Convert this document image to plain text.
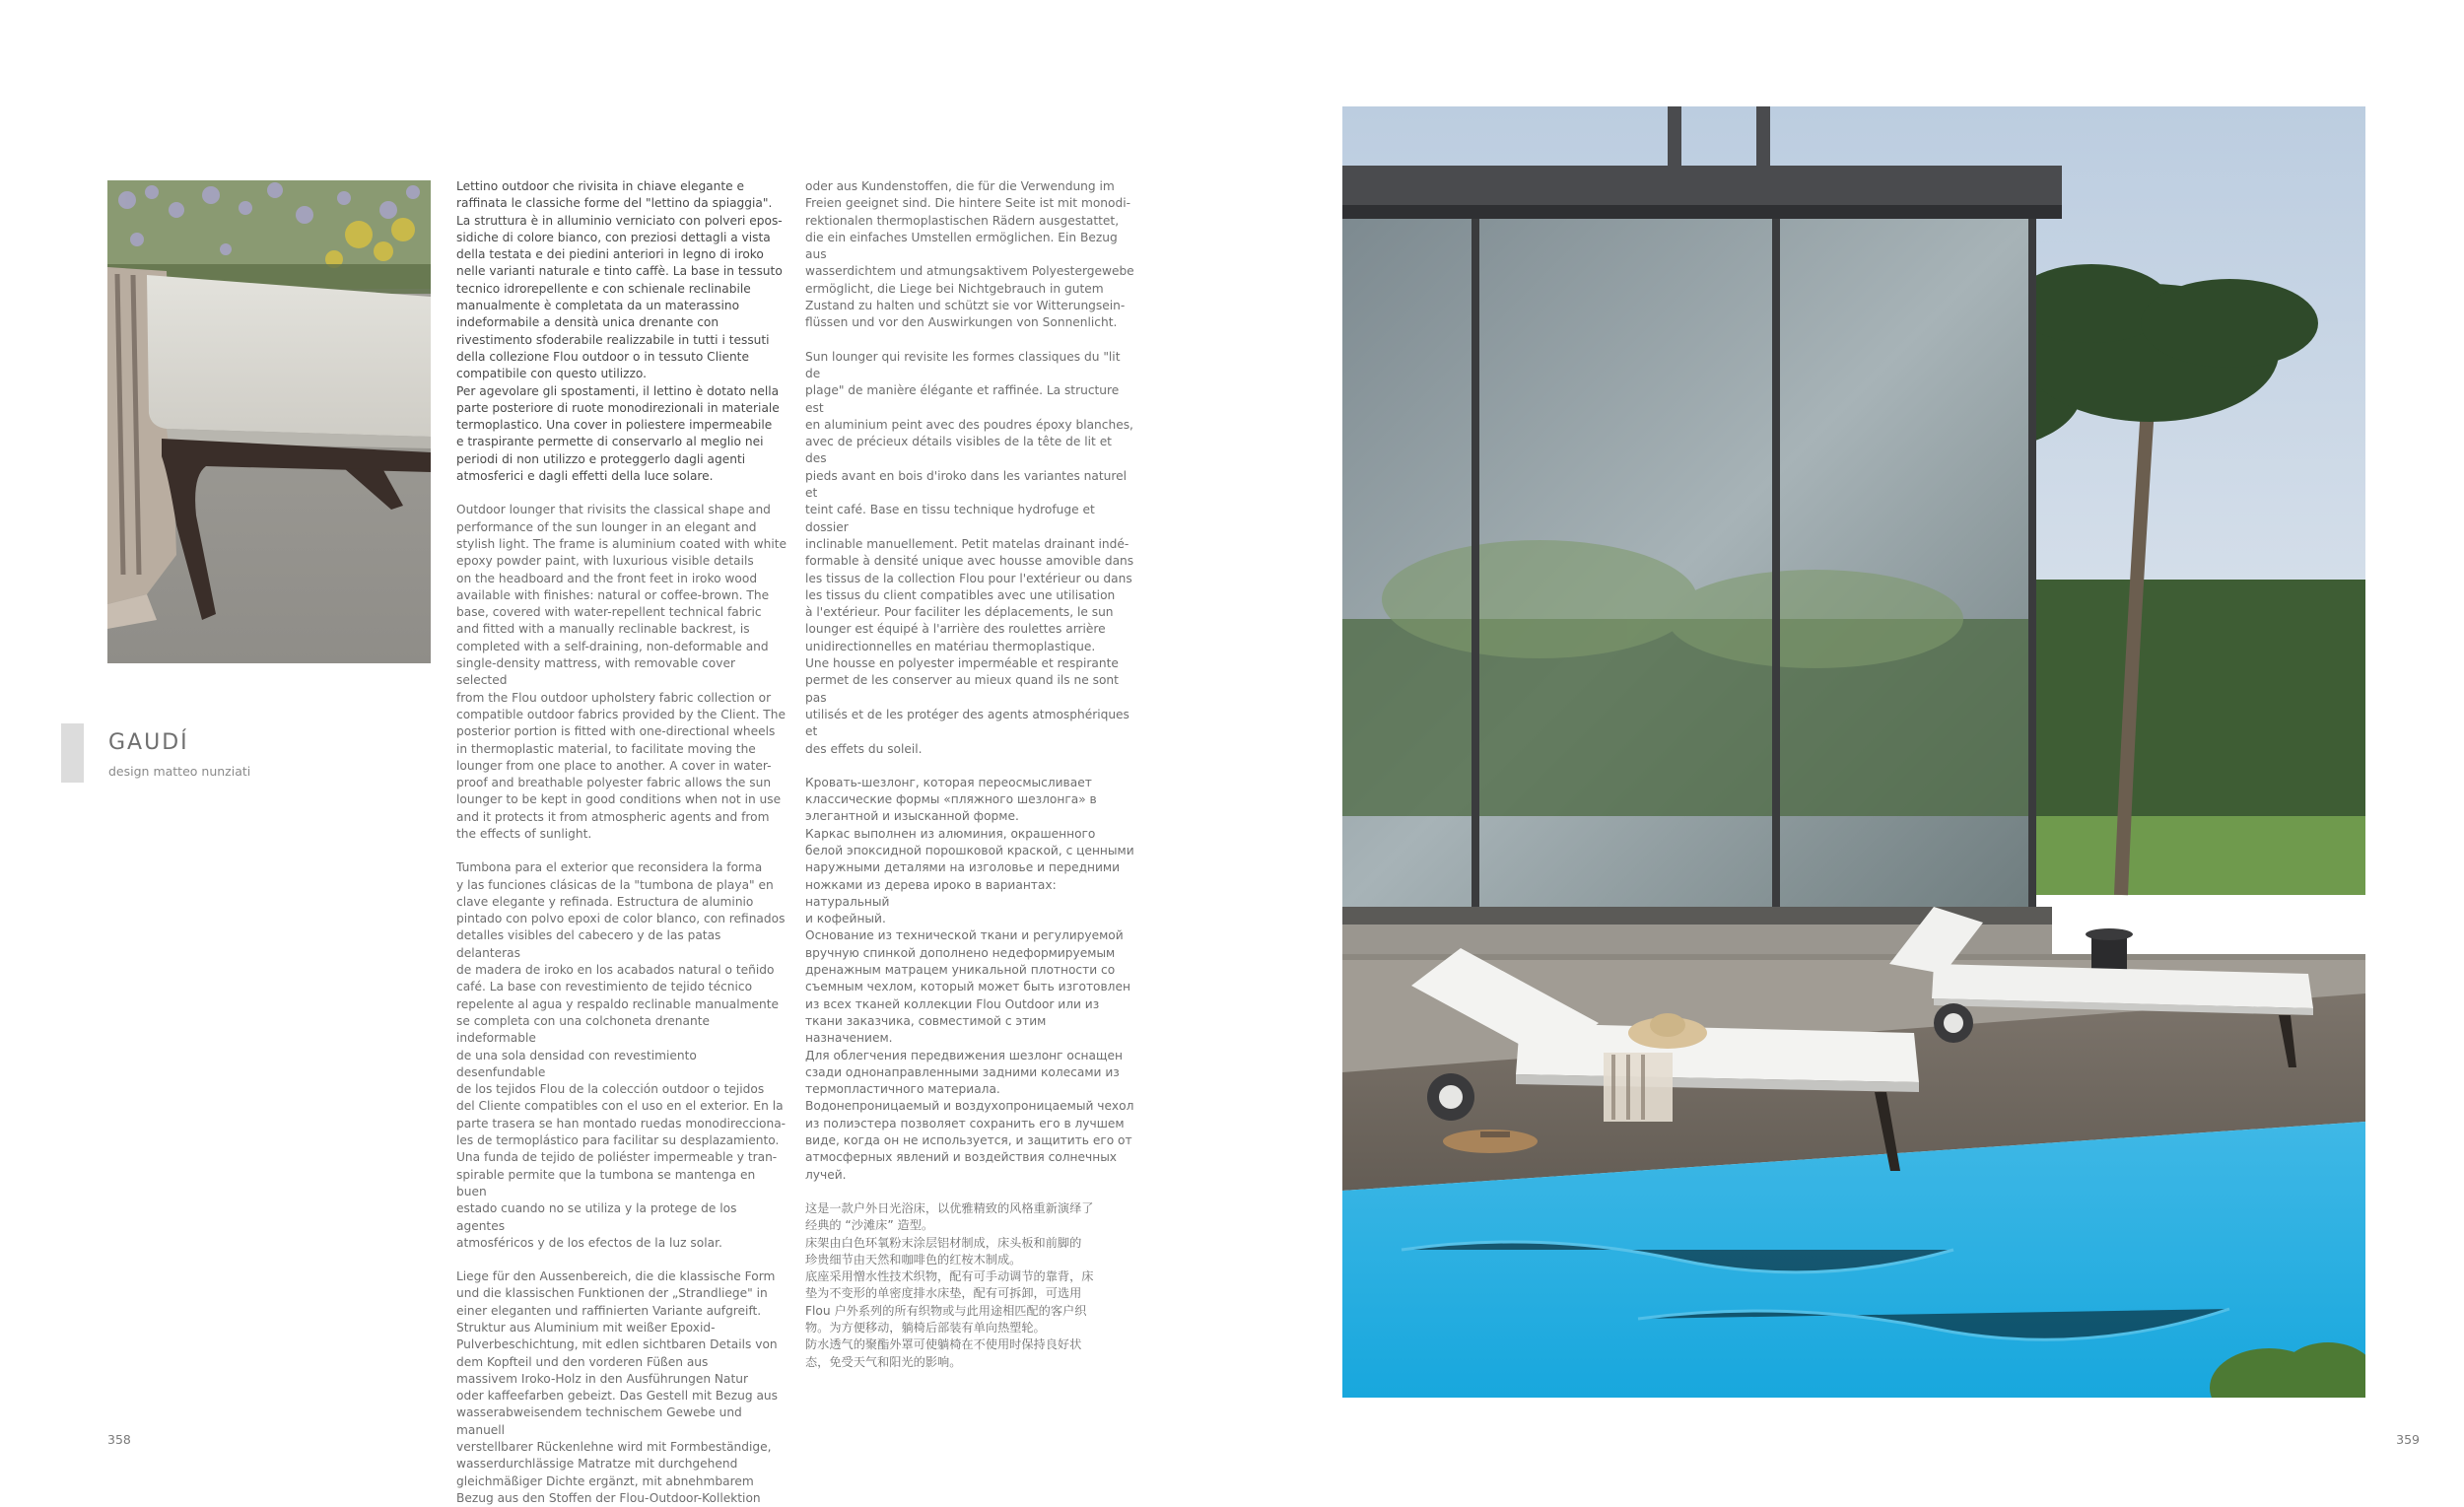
GAUDÍ
design matteo nunziati

Lettino outdoor che rivisita in chiave elegante e
raffinata le classiche forme del "lettino da spiaggia".
La struttura è in alluminio verniciato con polveri epos-
sidiche di colore bianco, con preziosi dettagli a vista
della testata e dei piedini anteriori in legno di iroko
nelle varianti naturale e tinto caffè. La base in tessuto
tecnico idrorepellente e con schienale reclinabile
manualmente è completata da un materassino
indeformabile a densità unica drenante con
rivestimento sfoderabile realizzabile in tutti i tessuti
della collezione Flou outdoor o in tessuto Cliente
compatibile con questo utilizzo.
Per agevolare gli spostamenti, il lettino è dotato nella
parte posteriore di ruote monodirezionali in materiale
termoplastico. Una cover in poliestere impermeabile
e traspirante permette di conservarlo al meglio nei
periodi di non utilizzo e proteggerlo dagli agenti
atmosferici e dagli effetti della luce solare.

Outdoor lounger that rivisits the classical shape and
performance of the sun lounger in an elegant and
stylish light. The frame is aluminium coated with white
epoxy powder paint, with luxurious visible details
on the headboard and the front feet in iroko wood
available with finishes: natural or coffee-brown. The
base, covered with water-repellent technical fabric
and fitted with a manually reclinable backrest, is
completed with a self-draining, non-deformable and
single-density mattress, with removable cover selected
from the Flou outdoor upholstery fabric collection or
compatible outdoor fabrics provided by the Client. The
posterior portion is fitted with one-directional wheels
in thermoplastic material, to facilitate moving the
lounger from one place to another. A cover in water-
proof and breathable polyester fabric allows the sun
lounger to be kept in good conditions when not in use
and it protects it from atmospheric agents and from
the effects of sunlight.

Tumbona para el exterior que reconsidera la forma
y las funciones clásicas de la "tumbona de playa" en
clave elegante y refinada. Estructura de aluminio
pintado con polvo epoxi de color blanco, con refinados
detalles visibles del cabecero y de las patas delanteras
de madera de iroko en los acabados natural o teñido
café. La base con revestimiento de tejido técnico
repelente al agua y respaldo reclinable manualmente
se completa con una colchoneta drenante indeformable
de una sola densidad con revestimiento desenfundable
de los tejidos Flou de la colección outdoor o tejidos
del Cliente compatibles con el uso en el exterior. En la
parte trasera se han montado ruedas monodirecciona-
les de termoplástico para facilitar su desplazamiento.
Una funda de tejido de poliéster impermeable y tran-
spirable permite que la tumbona se mantenga en buen
estado cuando no se utiliza y la protege de los agentes
atmosféricos y de los efectos de la luz solar.

Liege für den Aussenbereich, die die klassische Form
und die klassischen Funktionen der „Strandliege" in
einer eleganten und raffinierten Variante aufgreift.
Struktur aus Aluminium mit weißer Epoxid-
Pulverbeschichtung, mit edlen sichtbaren Details von
dem Kopfteil und den vorderen Füßen aus
massivem Iroko-Holz in den Ausführungen Natur
oder kaffeefarben gebeizt. Das Gestell mit Bezug aus
wasserabweisendem technischem Gewebe und manuell
verstellbarer Rückenlehne wird mit Formbeständige,
wasserdurchlässige Matratze mit durchgehend
gleichmäßiger Dichte ergänzt, mit abnehmbarem
Bezug aus den Stoffen der Flou-Outdoor-Kollektion

oder aus Kundenstoffen, die für die Verwendung im
Freien geeignet sind. Die hintere Seite ist mit monodi-
rektionalen thermoplastischen Rädern ausgestattet,
die ein einfaches Umstellen ermöglichen. Ein Bezug aus
wasserdichtem und atmungsaktivem Polyestergewebe
ermöglicht, die Liege bei Nichtgebrauch in gutem
Zustand zu halten und schützt sie vor Witterungsein-
flüssen und vor den Auswirkungen von Sonnenlicht.

Sun lounger qui revisite les formes classiques du "lit de
plage" de manière élégante et raffinée. La structure est
en aluminium peint avec des poudres époxy blanches,
avec de précieux détails visibles de la tête de lit et des
pieds avant en bois d'iroko dans les variantes naturel et
teint café. Base en tissu technique hydrofuge et dossier
inclinable manuellement. Petit matelas drainant indé-
formable à densité unique avec housse amovible dans
les tissus de la collection Flou pour l'extérieur ou dans
les tissus du client compatibles avec une utilisation
à l'extérieur. Pour faciliter les déplacements, le sun
lounger est équipé à l'arrière des roulettes arrière
unidirectionnelles en matériau thermoplastique.
Une housse en polyester imperméable et respirante
permet de les conserver au mieux quand ils ne sont pas
utilisés et de les protéger des agents atmosphériques et
des effets du soleil.

Кровать-шезлонг, которая переосмысливает
классические формы «пляжного шезлонга» в
элегантной и изысканной форме.
Каркас выполнен из алюминия, окрашенного
белой эпоксидной порошковой краской, с ценными
наружными деталями на изголовье и передними
ножками из дерева ироко в вариантах: натуральный
и кофейный.
Основание из технической ткани и регулируемой
вручную спинкой дополнено недеформируемым
дренажным матрацем уникальной плотности со
съемным чехлом, который может быть изготовлен
из всех тканей коллекции Flou Outdoor или из
ткани заказчика, совместимой с этим назначением.
Для облегчения передвижения шезлонг оснащен
сзади однонаправленными задними колесами из
термопластичного материала.
Водонепроницаемый и воздухопроницаемый чехол
из полиэстера позволяет сохранить его в лучшем
виде, когда он не используется, и защитить его от
атмосферных явлений и воздействия солнечных
лучей.

这是一款户外日光浴床，以优雅精致的风格重新演绎了
经典的 “沙滩床” 造型。
床架由白色环氧粉末涂层铝材制成，床头板和前脚的
珍贵细节由天然和咖啡色的红桉木制成。
底座采用憎水性技术织物，配有可手动调节的靠背，床
垫为不变形的单密度排水床垫，配有可拆卸，可选用
Flou 户外系列的所有织物或与此用途相匹配的客户织
物。为方便移动，躺椅后部装有单向热塑轮。
防水透气的聚酯外罩可使躺椅在不使用时保持良好状
态，免受天气和阳光的影响。

358	359
